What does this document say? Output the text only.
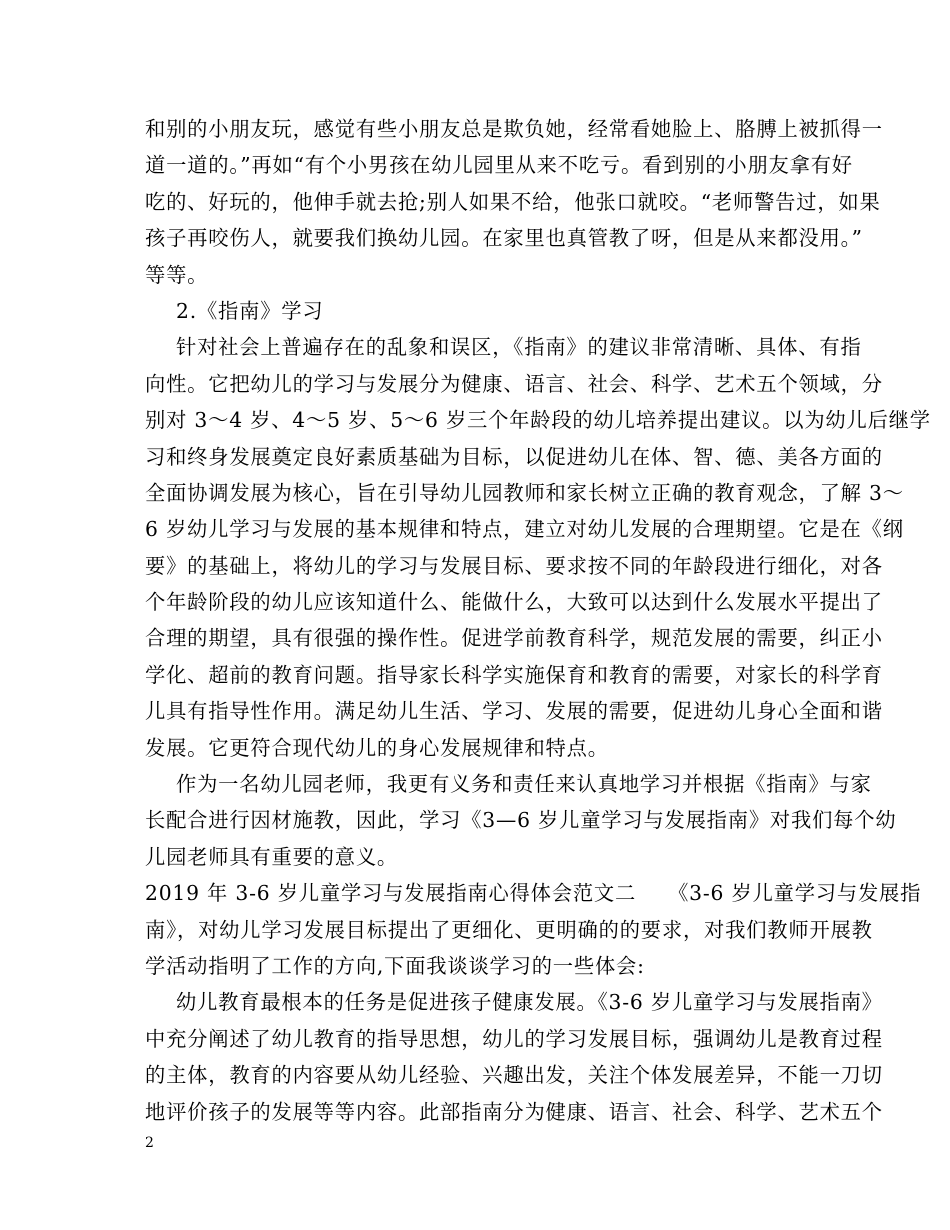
和别的小朋友玩，感觉有些小朋友总是欺负她，经常看她脸上、胳膊上被抓得一
道一道的。”再如“有个小男孩在幼儿园里从来不吃亏。看到别的小朋友拿有好
吃的、好玩的，他伸手就去抢;别人如果不给，他张口就咬。“老师警告过，如果
孩子再咬伤人，就要我们换幼儿园。在家里也真管教了呀，但是从来都没用。”
等等。
2.《指南》学习
针对社会上普遍存在的乱象和误区，《指南》的建议非常清晰、具体、有指
向性。它把幼儿的学习与发展分为健康、语言、社会、科学、艺术五个领域，分
别对 3～4 岁、4～5 岁、5～6 岁三个年龄段的幼儿培养提出建议。以为幼儿后继学
习和终身发展奠定良好素质基础为目标，以促进幼儿在体、智、德、美各方面的
全面协调发展为核心，旨在引导幼儿园教师和家长树立正确的教育观念，了解 3～
6 岁幼儿学习与发展的基本规律和特点，建立对幼儿发展的合理期望。它是在《纲
要》的基础上，将幼儿的学习与发展目标、要求按不同的年龄段进行细化，对各
个年龄阶段的幼儿应该知道什么、能做什么，大致可以达到什么发展水平提出了
合理的期望，具有很强的操作性。促进学前教育科学，规范发展的需要，纠正小
学化、超前的教育问题。指导家长科学实施保育和教育的需要，对家长的科学育
儿具有指导性作用。满足幼儿生活、学习、发展的需要，促进幼儿身心全面和谐
发展。它更符合现代幼儿的身心发展规律和特点。
作为一名幼儿园老师，我更有义务和责任来认真地学习并根据《指南》与家
长配合进行因材施教，因此，学习《3—6 岁儿童学习与发展指南》对我们每个幼
儿园老师具有重要的意义。
2019 年 3-6 岁儿童学习与发展指南心得体会范文二　　《3-6 岁儿童学习与发展指
南》，对幼儿学习发展目标提出了更细化、更明确的的要求，对我们教师开展教
学活动指明了工作的方向,下面我谈谈学习的一些体会:
幼儿教育最根本的任务是促进孩子健康发展。《3-6 岁儿童学习与发展指南》
中充分阐述了幼儿教育的指导思想，幼儿的学习发展目标，强调幼儿是教育过程
的主体，教育的内容要从幼儿经验、兴趣出发，关注个体发展差异，不能一刀切
地评价孩子的发展等等内容。此部指南分为健康、语言、社会、科学、艺术五个
2
